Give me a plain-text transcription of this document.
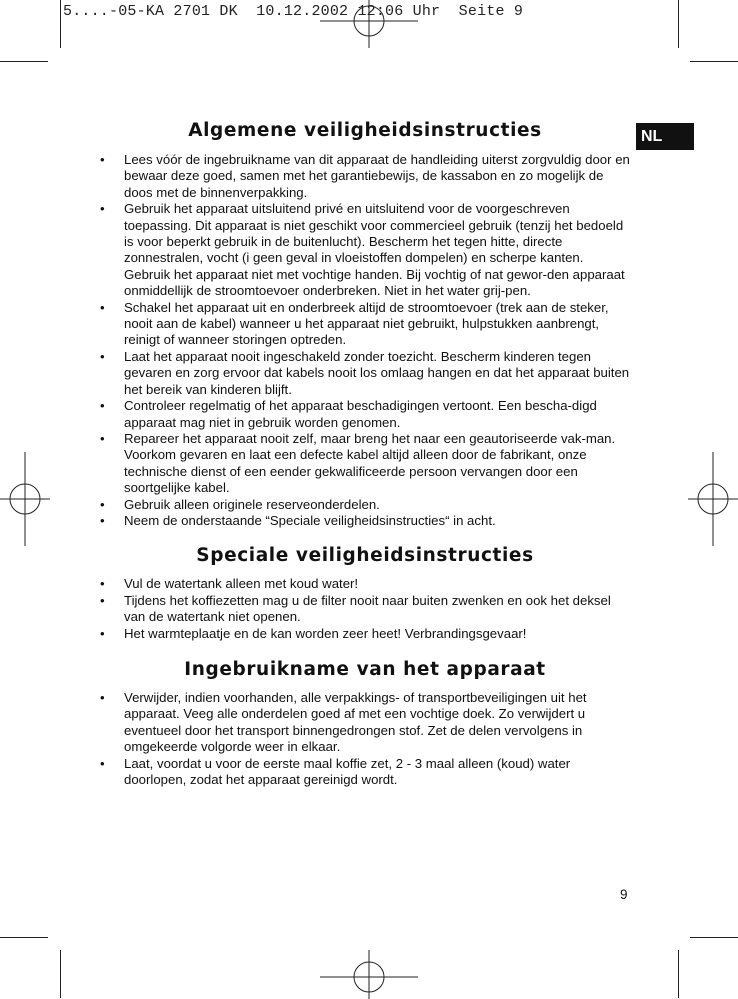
5....-05-KA 2701 DK  10.12.2002 12:06 Uhr  Seite 9
NL
Algemene veiligheidsinstructies
• Lees vóór de ingebruikname van dit apparaat de handleiding uiterst zorgvuldig door en bewaar deze goed, samen met het garantiebewijs, de kassabon en zo mogelijk de doos met de binnenverpakking.
• Gebruik het apparaat uitsluitend privé en uitsluitend voor de voorgeschreven toepassing. Dit apparaat is niet geschikt voor commercieel gebruik (tenzij het bedoeld is voor beperkt gebruik in de buitenlucht). Bescherm het tegen hitte, directe zonnestralen, vocht (i geen geval in vloeistoffen dompelen) en scherpe kanten. Gebruik het apparaat niet met vochtige handen. Bij vochtig of nat gewor-den apparaat onmiddellijk de stroomtoevoer onderbreken. Niet in het water grij-pen.
• Schakel het apparaat uit en onderbreek altijd de stroomtoevoer (trek aan de steker, nooit aan de kabel) wanneer u het apparaat niet gebruikt, hulpstukken aanbrengt, reinigt of wanneer storingen optreden.
• Laat het apparaat nooit ingeschakeld zonder toezicht. Bescherm kinderen tegen gevaren en zorg ervoor dat kabels nooit los omlaag hangen en dat het apparaat buiten het bereik van kinderen blijft.
• Controleer regelmatig of het apparaat beschadigingen vertoont. Een bescha-digd apparaat mag niet in gebruik worden genomen.
• Repareer het apparaat nooit zelf, maar breng het naar een geautoriseerde vak-man. Voorkom gevaren en laat een defecte kabel altijd alleen door de fabrikant, onze technische dienst of een eender gekwalificeerde persoon vervangen door een soortgelijke kabel.
• Gebruik alleen originele reserveonderdelen.
• Neem de onderstaande “Speciale veiligheidsinstructies“ in acht.
Speciale veiligheidsinstructies
• Vul de watertank alleen met koud water!
• Tijdens het koffiezetten mag u de filter nooit naar buiten zwenken en ook het deksel van de watertank niet openen.
• Het warmteplaatje en de kan worden zeer heet! Verbrandingsgevaar!
Ingebruikname van het apparaat
• Verwijder, indien voorhanden, alle verpakkings- of transportbeveiligingen uit het apparaat. Veeg alle onderdelen goed af met een vochtige doek. Zo verwijdert u eventueel door het transport binnengedrongen stof. Zet de delen vervolgens in omgekeerde volgorde weer in elkaar.
• Laat, voordat u voor de eerste maal koffie zet, 2 - 3 maal alleen (koud) water doorlopen, zodat het apparaat gereinigd wordt.
9
